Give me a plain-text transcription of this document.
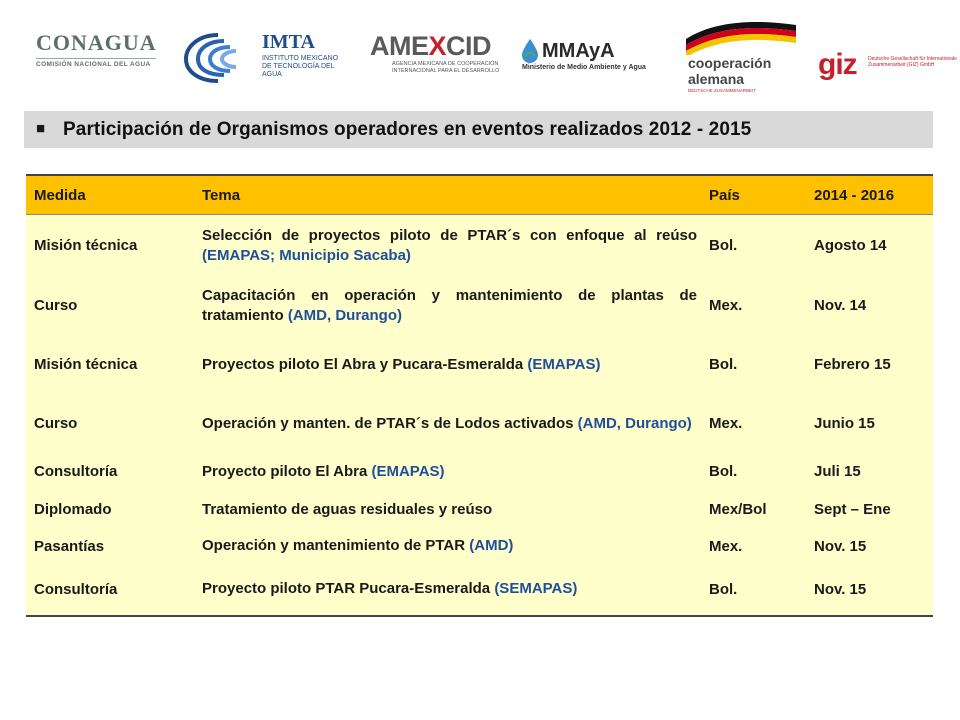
CONAGUA
COMISIÓN NACIONAL DEL AGUA
IMTA
INSTITUTO MEXICANO DE TECNOLOGÍA DEL AGUA
AMEXCID
AGENCIA MEXICANA DE COOPERACIÓN INTERNACIONAL PARA EL DESARROLLO
MMAyA
Ministerio de Medio Ambiente y Agua	cooperación
alemana
DEUTSCHE ZUSAMMENARBEIT
giz Deutsche Gesellschaft für Internationale Zusammenarbeit (GIZ) GmbH
■ Participación de Organismos operadores en eventos realizados 2012 - 2015
Medida	Tema	País	2014 - 2016
Misión técnica	Selección de proyectos piloto de PTAR´s con enfoque al reúso (EMAPAS; Municipio Sacaba)	Bol.	Agosto 14
Curso	Capacitación en operación y mantenimiento de plantas de tratamiento (AMD, Durango)	Mex.	Nov. 14
Misión técnica	Proyectos piloto El Abra y Pucara-Esmeralda (EMAPAS)	Bol.	Febrero 15
Curso	Operación y manten. de PTAR´s de Lodos activados (AMD, Durango)	Mex.	Junio 15
Consultoría	Proyecto piloto El Abra (EMAPAS)	Bol.	Juli 15
Diplomado	Tratamiento de aguas residuales y reúso	Mex/Bol	Sept – Ene
Pasantías	Operación y mantenimiento de PTAR (AMD)	Mex.	Nov. 15
Consultoría	Proyecto piloto PTAR Pucara-Esmeralda (SEMAPAS)	Bol.	Nov. 15
